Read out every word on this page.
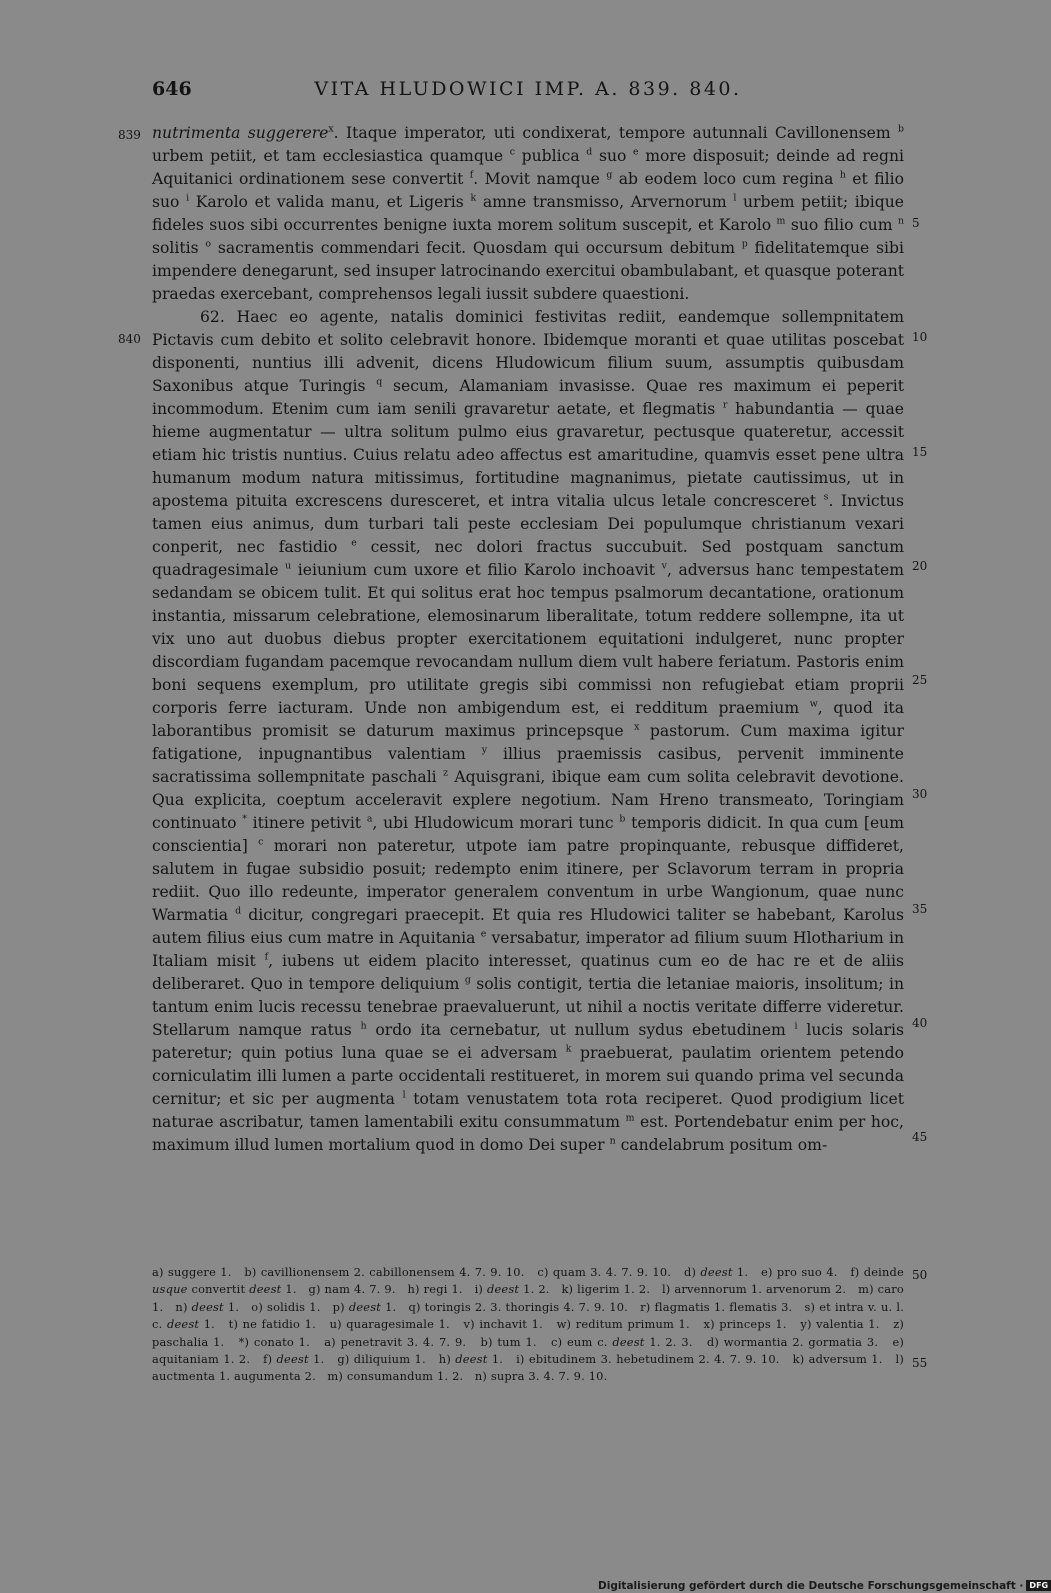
646	VITA HLUDOWICI IMP. A. 839. 840.
839
840
5
10
15
20
25
30
35
40
45
50
55

nutrimenta suggerere$^x$. Itaque imperator, uti condixerat, tempore autunnali Cavillonensem $^b$ urbem petiit, et tam ecclesiastica quamque $^c$ publica $^d$ suo $^e$ more disposuit; deinde ad regni Aquitanici ordinationem sese convertit $^f$. Movit namque $^g$ ab eodem loco cum regina $^h$ et filio suo $^i$ Karolo et valida manu, et Ligeris $^k$ amne transmisso, Arvernorum $^l$ urbem petiit; ibique fideles suos sibi occurrentes benigne iuxta morem solitum suscepit, et Karolo $^m$ suo filio cum $^n$ solitis $^o$ sacramentis commendari fecit. Quosdam qui occursum debitum $^p$ fidelitatemque sibi impendere denegarunt, sed insuper latrocinando exercitui obambulabant, et quasque poterant praedas exercebant, comprehensos legali iussit subdere quaestioni.

62. Haec eo agente, natalis dominici festivitas rediit, eandemque sollempnitatem Pictavis cum debito et solito celebravit honore. Ibidemque moranti et quae utilitas poscebat disponenti, nuntius illi advenit, dicens Hludowicum filium suum, assumptis quibusdam Saxonibus atque Turingis $^q$ secum, Alamaniam invasisse. Quae res maximum ei peperit incommodum. Etenim cum iam senili gravaretur aetate, et flegmatis $^r$ habundantia — quae hieme augmentatur — ultra solitum pulmo eius gravaretur, pectusque quateretur, accessit etiam hic tristis nuntius. Cuius relatu adeo affectus est amaritudine, quamvis esset pene ultra humanum modum natura mitissimus, fortitudine magnanimus, pietate cautissimus, ut in apostema pituita excrescens duresceret, et intra vitalia ulcus letale concresceret $^s$. Invictus tamen eius animus, dum turbari tali peste ecclesiam Dei populumque christianum vexari conperit, nec fastidio $^e$ cessit, nec dolori fractus succubuit. Sed postquam sanctum quadragesimale $^u$ ieiunium cum uxore et filio Karolo inchoavit $^v$, adversus hanc tempestatem sedandam se obicem tulit. Et qui solitus erat hoc tempus psalmorum decantatione, orationum instantia, missarum celebratione, elemosinarum liberalitate, totum reddere sollempne, ita ut vix uno aut duobus diebus propter exercitationem equitationi indulgeret, nunc propter discordiam fugandam pacemque revocandam nullum diem vult habere feriatum. Pastoris enim boni sequens exemplum, pro utilitate gregis sibi commissi non refugiebat etiam proprii corporis ferre iacturam. Unde non ambigendum est, ei redditum praemium $^w$, quod ita laborantibus promisit se daturum maximus princepsque $^x$ pastorum. Cum maxima igitur fatigatione, inpugnantibus valentiam $^y$ illius praemissis casibus, pervenit imminente sacratissima sollempnitate paschali $^z$ Aquisgrani, ibique eam cum solita celebravit devotione. Qua explicita, coeptum acceleravit explere negotium. Nam Hreno transmeato, Toringiam continuato * itinere petivit $^a$, ubi Hludowicum morari tunc $^b$ temporis didicit. In qua cum [eum conscientia] $^c$ morari non pateretur, utpote iam patre propinquante, rebusque diffideret, salutem in fugae subsidio posuit; redempto enim itinere, per Sclavorum terram in propria rediit. Quo illo redeunte, imperator generalem conventum in urbe Wangionum, quae nunc Warmatia $^d$ dicitur, congregari praecepit. Et quia res Hludowici taliter se habebant, Karolus autem filius eius cum matre in Aquitania $^e$ versabatur, imperator ad filium suum Hlotharium in Italiam misit $^f$, iubens ut eidem placito interesset, quatinus cum eo de hac re et de aliis deliberaret. Quo in tempore deliquium $^g$ solis contigit, tertia die letaniae maioris, insolitum; in tantum enim lucis recessu tenebrae praevaluerunt, ut nihil a noctis veritate differre videretur. Stellarum namque ratus $^h$ ordo ita cernebatur, ut nullum sydus ebetudinem $^i$ lucis solaris pateretur; quin potius luna quae se ei adversam $^k$ praebuerat, paulatim orientem petendo corniculatim illi lumen a parte occidentali restitueret, in morem sui quando prima vel secunda cernitur; et sic per augmenta $^l$ totam venustatem tota rota reciperet. Quod prodigium licet naturae ascribatur, tamen lamentabili exitu consummatum $^m$ est. Portendebatur enim per hoc, maximum illud lumen mortalium quod in domo Dei super $^n$ candelabrum positum om-

a) suggere 1. b) cavillionensem 2. cabillonensem 4. 7. 9. 10. c) quam 3. 4. 7. 9. 10. d) deest 1. e) pro suo 4. f) deinde usque convertit deest 1. g) nam 4. 7. 9. h) regi 1. i) deest 1. 2. k) ligerim 1. 2. l) arvennorum 1. arvenorum 2. m) caro 1. n) deest 1. o) solidis 1. p) deest 1. q) toringis 2. 3. thoringis 4. 7. 9. 10. r) flagmatis 1. flematis 3. s) et intra v. u. l. c. deest 1. t) ne fatidio 1. u) quaragesimale 1. v) inchavit 1. w) reditum primum 1. x) princeps 1. y) valentia 1. z) paschalia 1. *) conato 1. a) penetravit 3. 4. 7. 9. b) tum 1. c) eum c. deest 1. 2. 3. d) wormantia 2. gormatia 3. e) aquitaniam 1. 2. f) deest 1. g) diliquium 1. h) deest 1. i) ebitudinem 3. hebetudinem 2. 4. 7. 9. 10. k) adversum 1. l) auctmenta 1. augumenta 2. m) consumandum 1. 2. n) supra 3. 4. 7. 9. 10.
Digitalisierung gefördert durch die Deutsche Forschungsgemeinschaft · DFG
